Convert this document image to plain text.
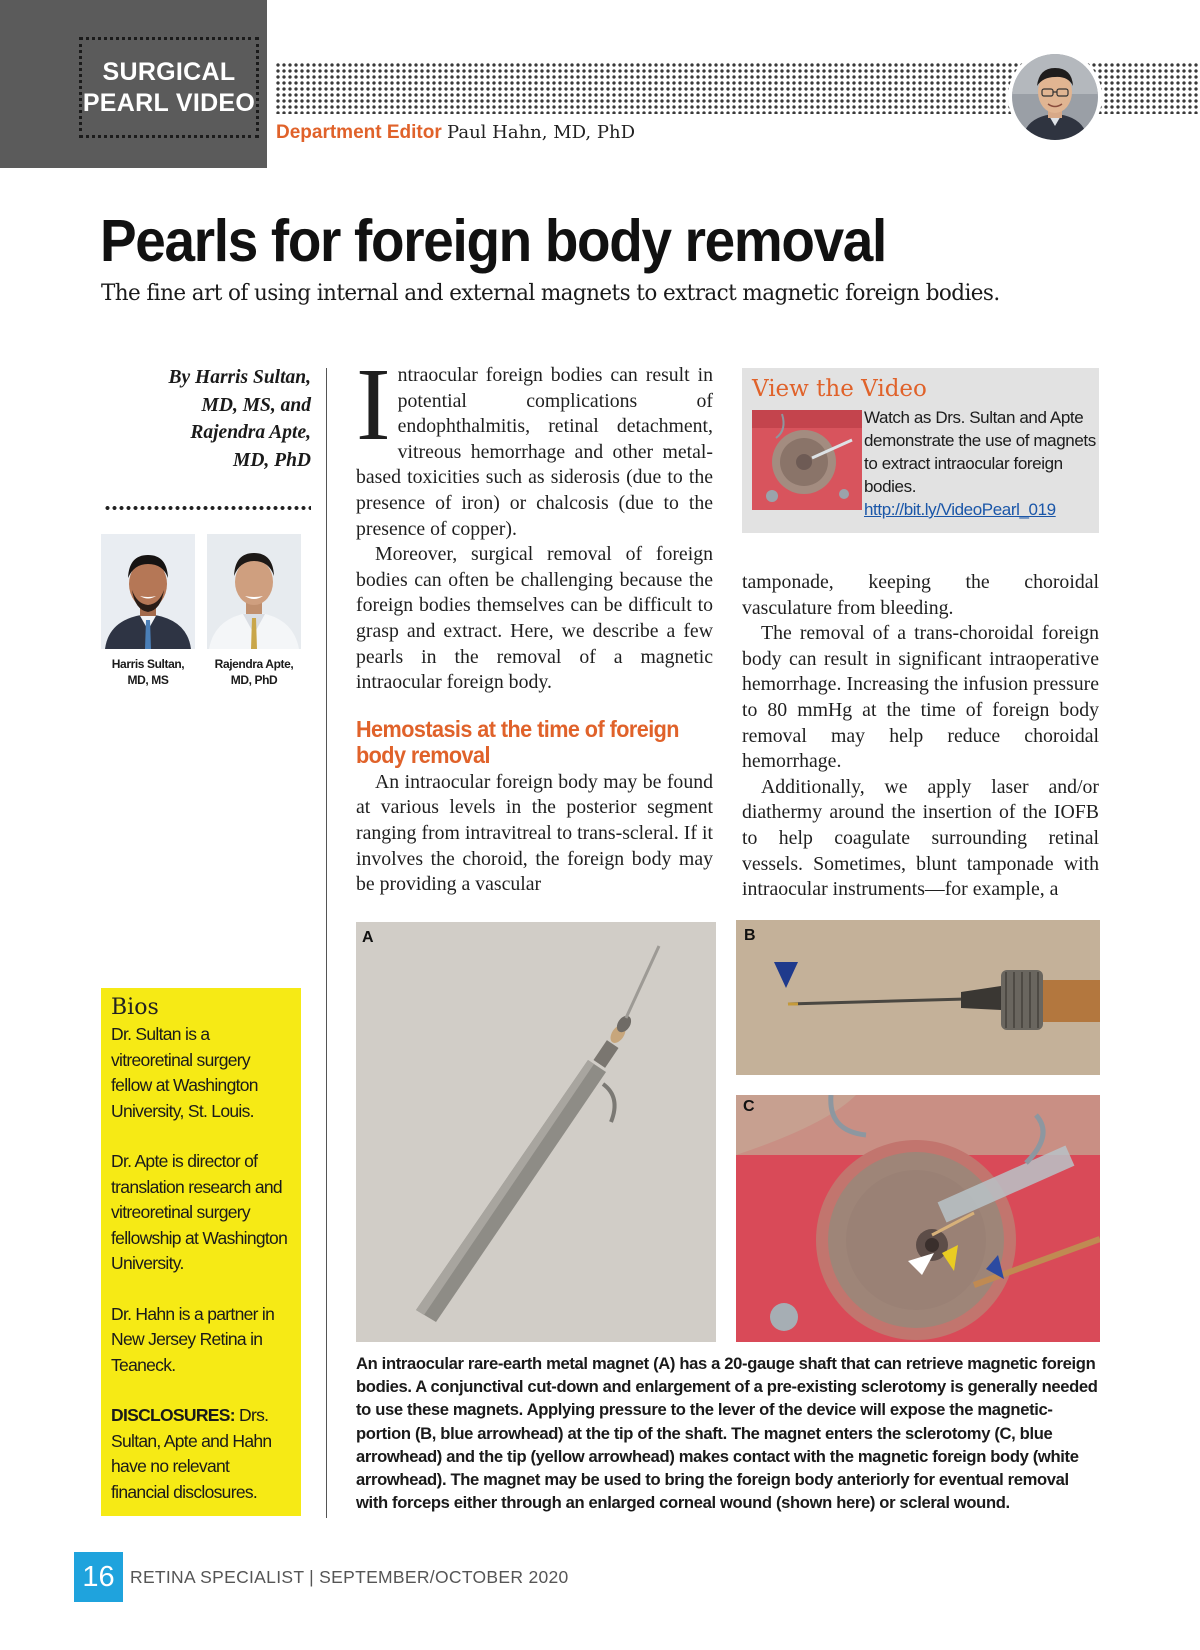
SURGICAL
PEARL VIDEO
Department Editor Paul Hahn, MD, PhD
Pearls for foreign body removal
The fine art of using internal and external magnets to extract magnetic foreign bodies.
By Harris Sultan,
MD, MS, and
Rajendra Apte,
MD, PhD
Harris Sultan,
MD, MS
Rajendra Apte,
MD, PhD
Bios

Dr. Sultan is a vitreoretinal surgery fellow at Washington University, St. Louis.

Dr. Apte is director of translation research and vitreoretinal surgery fellowship at Washington University.

Dr. Hahn is a partner in New Jersey Retina in Teaneck.

DISCLOSURES: Drs. Sultan, Apte and Hahn have no relevant financial disclosures.

Intraocular foreign bodies can result in potential complications of endophthalmitis, retinal detachment, vitreous hemorrhage and other metal-based toxicities such as siderosis (due to the presence of iron) or chalcosis (due to the presence of copper).

Moreover, surgical removal of foreign bodies can often be challenging because the foreign bodies themselves can be difficult to grasp and extract. Here, we describe a few pearls in the removal of a magnetic intraocular foreign body.

Hemostasis at the time of foreign body removal

An intraocular foreign body may be found at various levels in the posterior segment ranging from intravitreal to trans-scleral. If it involves the choroid, the foreign body may be providing a vascular

View the Video
Watch as Drs. Sultan and Apte demonstrate the use of magnets to extract intraocular foreign bodies.
http://bit.ly/VideoPearl_019

tamponade, keeping the choroidal vasculature from bleeding.

The removal of a trans-choroidal foreign body can result in significant intraoperative hemorrhage. Increasing the infusion pressure to 80 mmHg at the time of foreign body removal may help reduce choroidal hemorrhage.

Additionally, we apply laser and/or diathermy around the insertion of the IOFB to help coagulate surrounding retinal vessels. Sometimes, blunt tamponade with intraocular instruments—for example, a

A	B
C
An intraocular rare-earth metal magnet (A) has a 20-gauge shaft that can retrieve magnetic foreign bodies. A conjunctival cut-down and enlargement of a pre-existing sclerotomy is generally needed to use these magnets. Applying pressure to the lever of the device will expose the magnetic-portion (B, blue arrowhead) at the tip of the shaft. The magnet enters the sclerotomy (C, blue arrowhead) and the tip (yellow arrowhead) makes contact with the magnetic foreign body (white arrowhead). The magnet may be used to bring the foreign body anteriorly for eventual removal with forceps either through an enlarged corneal wound (shown here) or scleral wound.
16 RETINA SPECIALIST | SEPTEMBER/OCTOBER 2020
